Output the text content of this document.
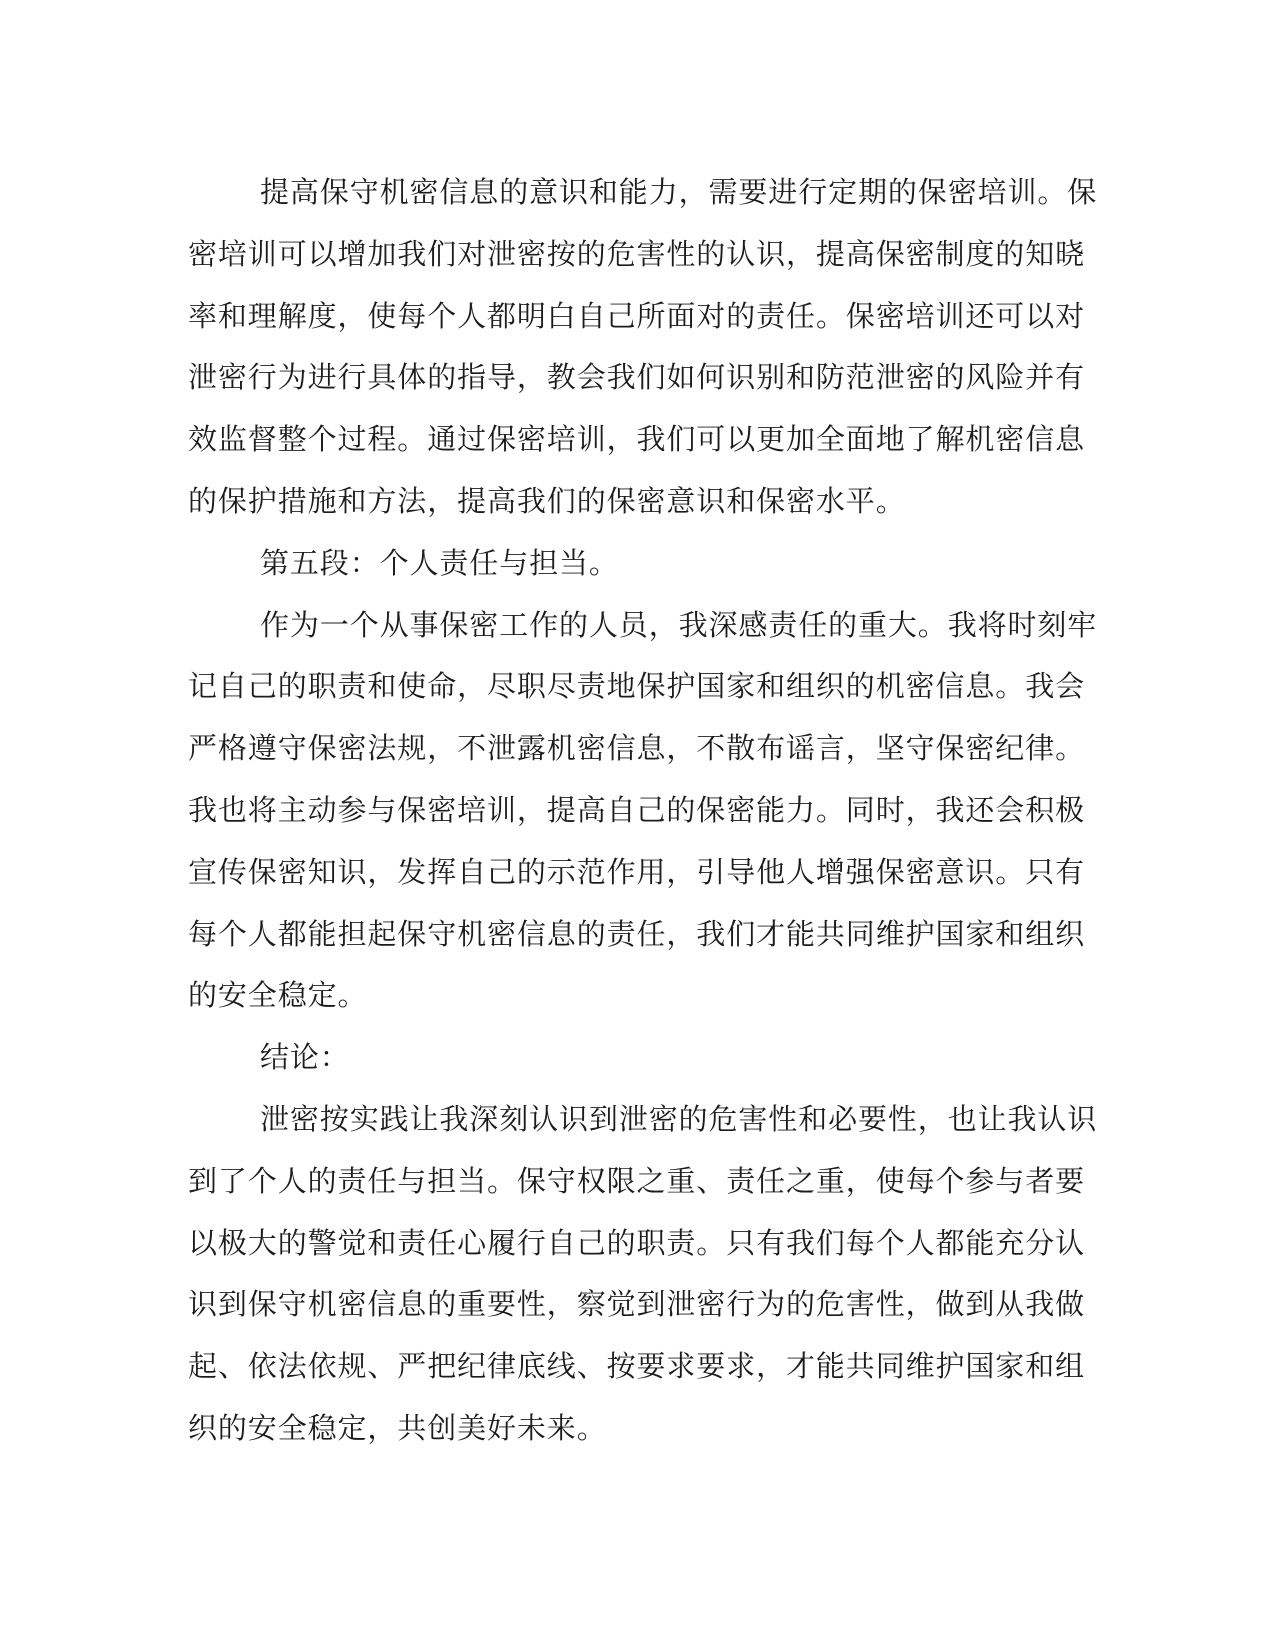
提高保守机密信息的意识和能力，需要进行定期的保密培训。保
密培训可以增加我们对泄密按的危害性的认识，提高保密制度的知晓
率和理解度，使每个人都明白自己所面对的责任。保密培训还可以对
泄密行为进行具体的指导，教会我们如何识别和防范泄密的风险并有
效监督整个过程。通过保密培训，我们可以更加全面地了解机密信息
的保护措施和方法，提高我们的保密意识和保密水平。

第五段：个人责任与担当。

作为一个从事保密工作的人员，我深感责任的重大。我将时刻牢
记自己的职责和使命，尽职尽责地保护国家和组织的机密信息。我会
严格遵守保密法规，不泄露机密信息，不散布谣言，坚守保密纪律。
我也将主动参与保密培训，提高自己的保密能力。同时，我还会积极
宣传保密知识，发挥自己的示范作用，引导他人增强保密意识。只有
每个人都能担起保守机密信息的责任，我们才能共同维护国家和组织
的安全稳定。

结论：

泄密按实践让我深刻认识到泄密的危害性和必要性，也让我认识
到了个人的责任与担当。保守权限之重、责任之重，使每个参与者要
以极大的警觉和责任心履行自己的职责。只有我们每个人都能充分认
识到保守机密信息的重要性，察觉到泄密行为的危害性，做到从我做
起、依法依规、严把纪律底线、按要求要求，才能共同维护国家和组
织的安全稳定，共创美好未来。
